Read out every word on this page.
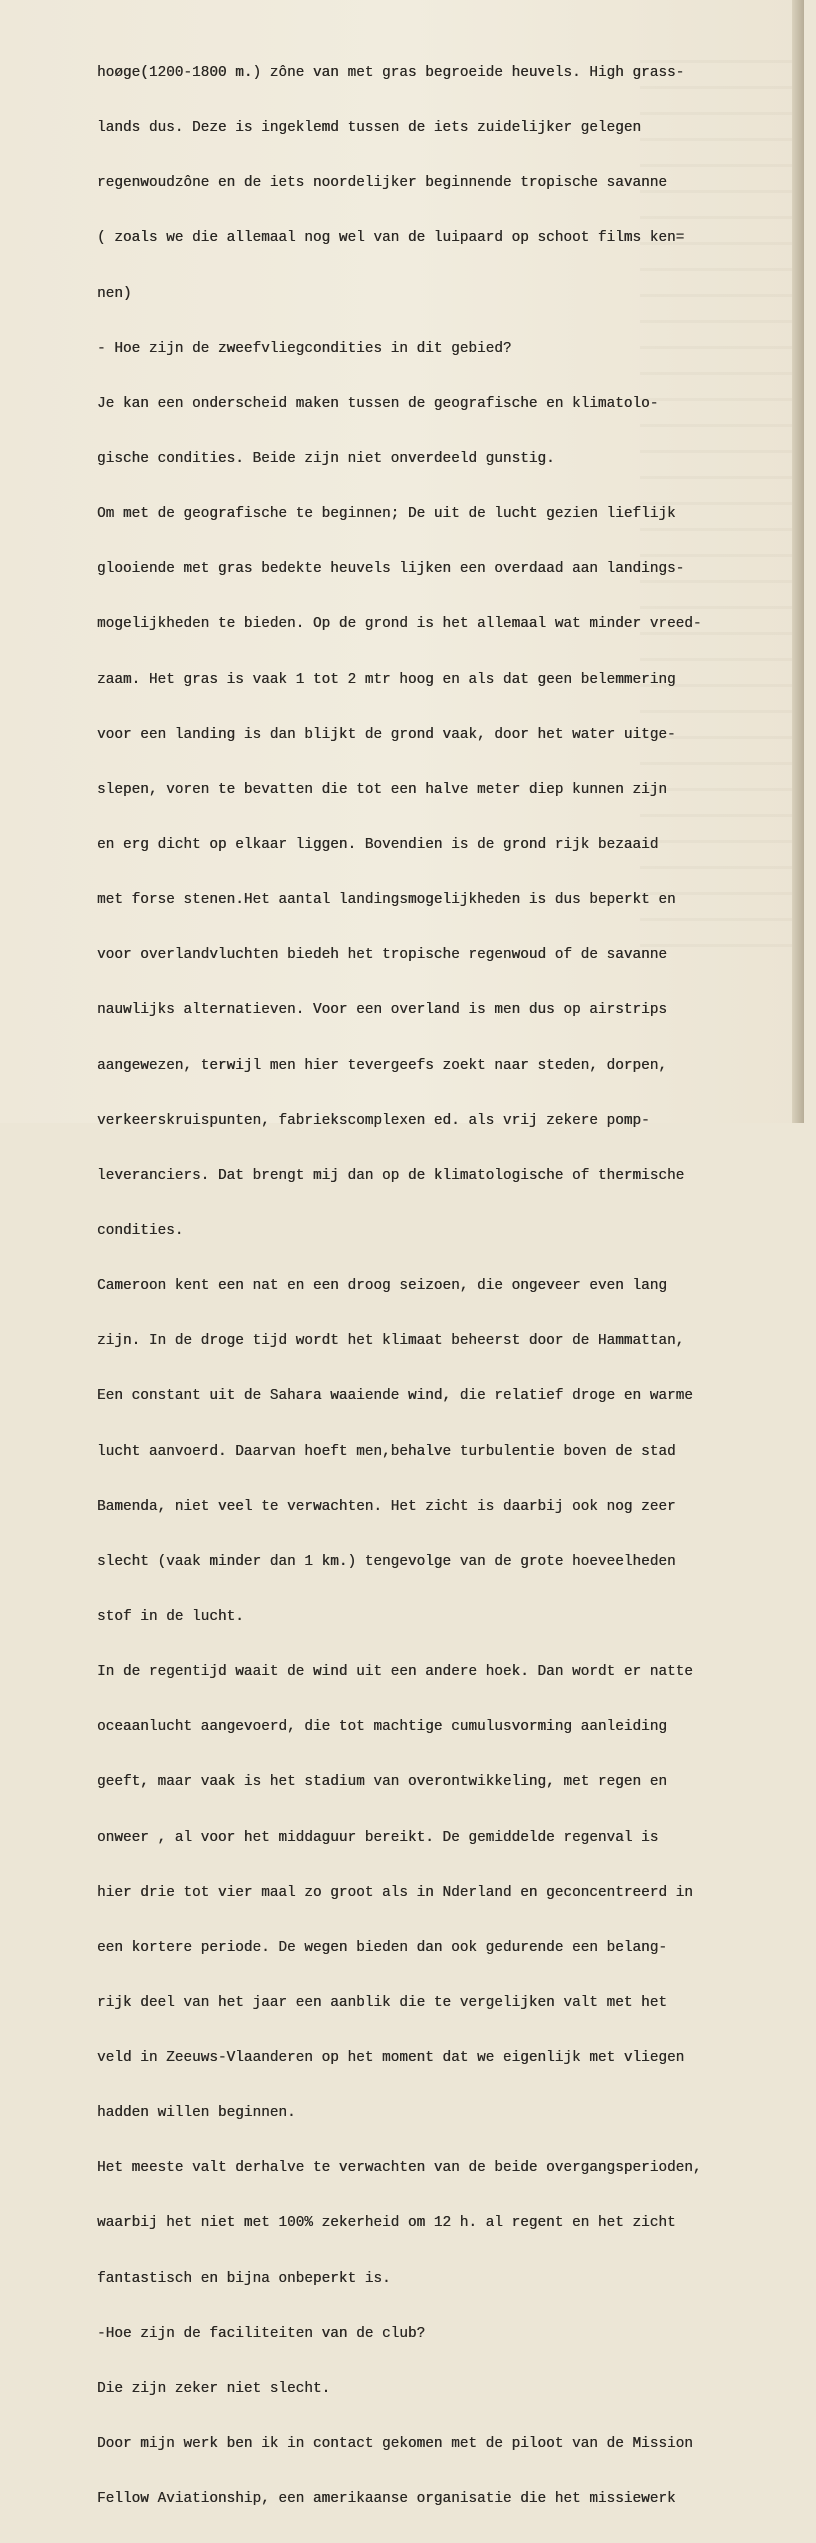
hoøge(1200-1800 m.) zône van met gras begroeide heuvels. High grass-

lands dus. Deze is ingeklemd tussen de iets zuidelijker gelegen

regenwoudzône en de iets noordelijker beginnende tropische savanne

( zoals we die allemaal nog wel van de luipaard op schoot films ken=

nen)

- Hoe zijn de zweefvliegcondities in dit gebied?

Je kan een onderscheid maken tussen de geografische en klimatolo-

gische condities. Beide zijn niet onverdeeld gunstig.

Om met de geografische te beginnen; De uit de lucht gezien lieflijk

glooiende met gras bedekte heuvels lijken een overdaad aan landings-

mogelijkheden te bieden. Op de grond is het allemaal wat minder vreed-

zaam. Het gras is vaak 1 tot 2 mtr hoog en als dat geen belemmering

voor een landing is dan blijkt de grond vaak, door het water uitge-

slepen, voren te bevatten die tot een halve meter diep kunnen zijn

en erg dicht op elkaar liggen. Bovendien is de grond rijk bezaaid

met forse stenen.Het aantal landingsmogelijkheden is dus beperkt en

voor overlandvluchten biedeh het tropische regenwoud of de savanne

nauwlijks alternatieven. Voor een overland is men dus op airstrips

aangewezen, terwijl men hier tevergeefs zoekt naar steden, dorpen,

verkeerskruispunten, fabriekscomplexen ed. als vrij zekere pomp-

leveranciers. Dat brengt mij dan op de klimatologische of thermische

condities.

Cameroon kent een nat en een droog seizoen, die ongeveer even lang

zijn. In de droge tijd wordt het klimaat beheerst door de Hammattan,

Een constant uit de Sahara waaiende wind, die relatief droge en warme

lucht aanvoerd. Daarvan hoeft men,behalve turbulentie boven de stad

Bamenda, niet veel te verwachten. Het zicht is daarbij ook nog zeer

slecht (vaak minder dan 1 km.) tengevolge van de grote hoeveelheden

stof in de lucht.

In de regentijd waait de wind uit een andere hoek. Dan wordt er natte

oceaanlucht aangevoerd, die tot machtige cumulusvorming aanleiding

geeft, maar vaak is het stadium van overontwikkeling, met regen en

onweer , al voor het middaguur bereikt. De gemiddelde regenval is

hier drie tot vier maal zo groot als in Nderland en geconcentreerd in

een kortere periode. De wegen bieden dan ook gedurende een belang-

rijk deel van het jaar een aanblik die te vergelijken valt met het

veld in Zeeuws-Vlaanderen op het moment dat we eigenlijk met vliegen

hadden willen beginnen.

Het meeste valt derhalve te verwachten van de beide overgangsperioden,

waarbij het niet met 100% zekerheid om 12 h. al regent en het zicht

fantastisch en bijna onbeperkt is.

-Hoe zijn de faciliteiten van de club?

Die zijn zeker niet slecht.

Door mijn werk ben ik in contact gekomen met de piloot van de Mission

Fellow Aviationship, een amerikaanse organisatie die het missiewerk
